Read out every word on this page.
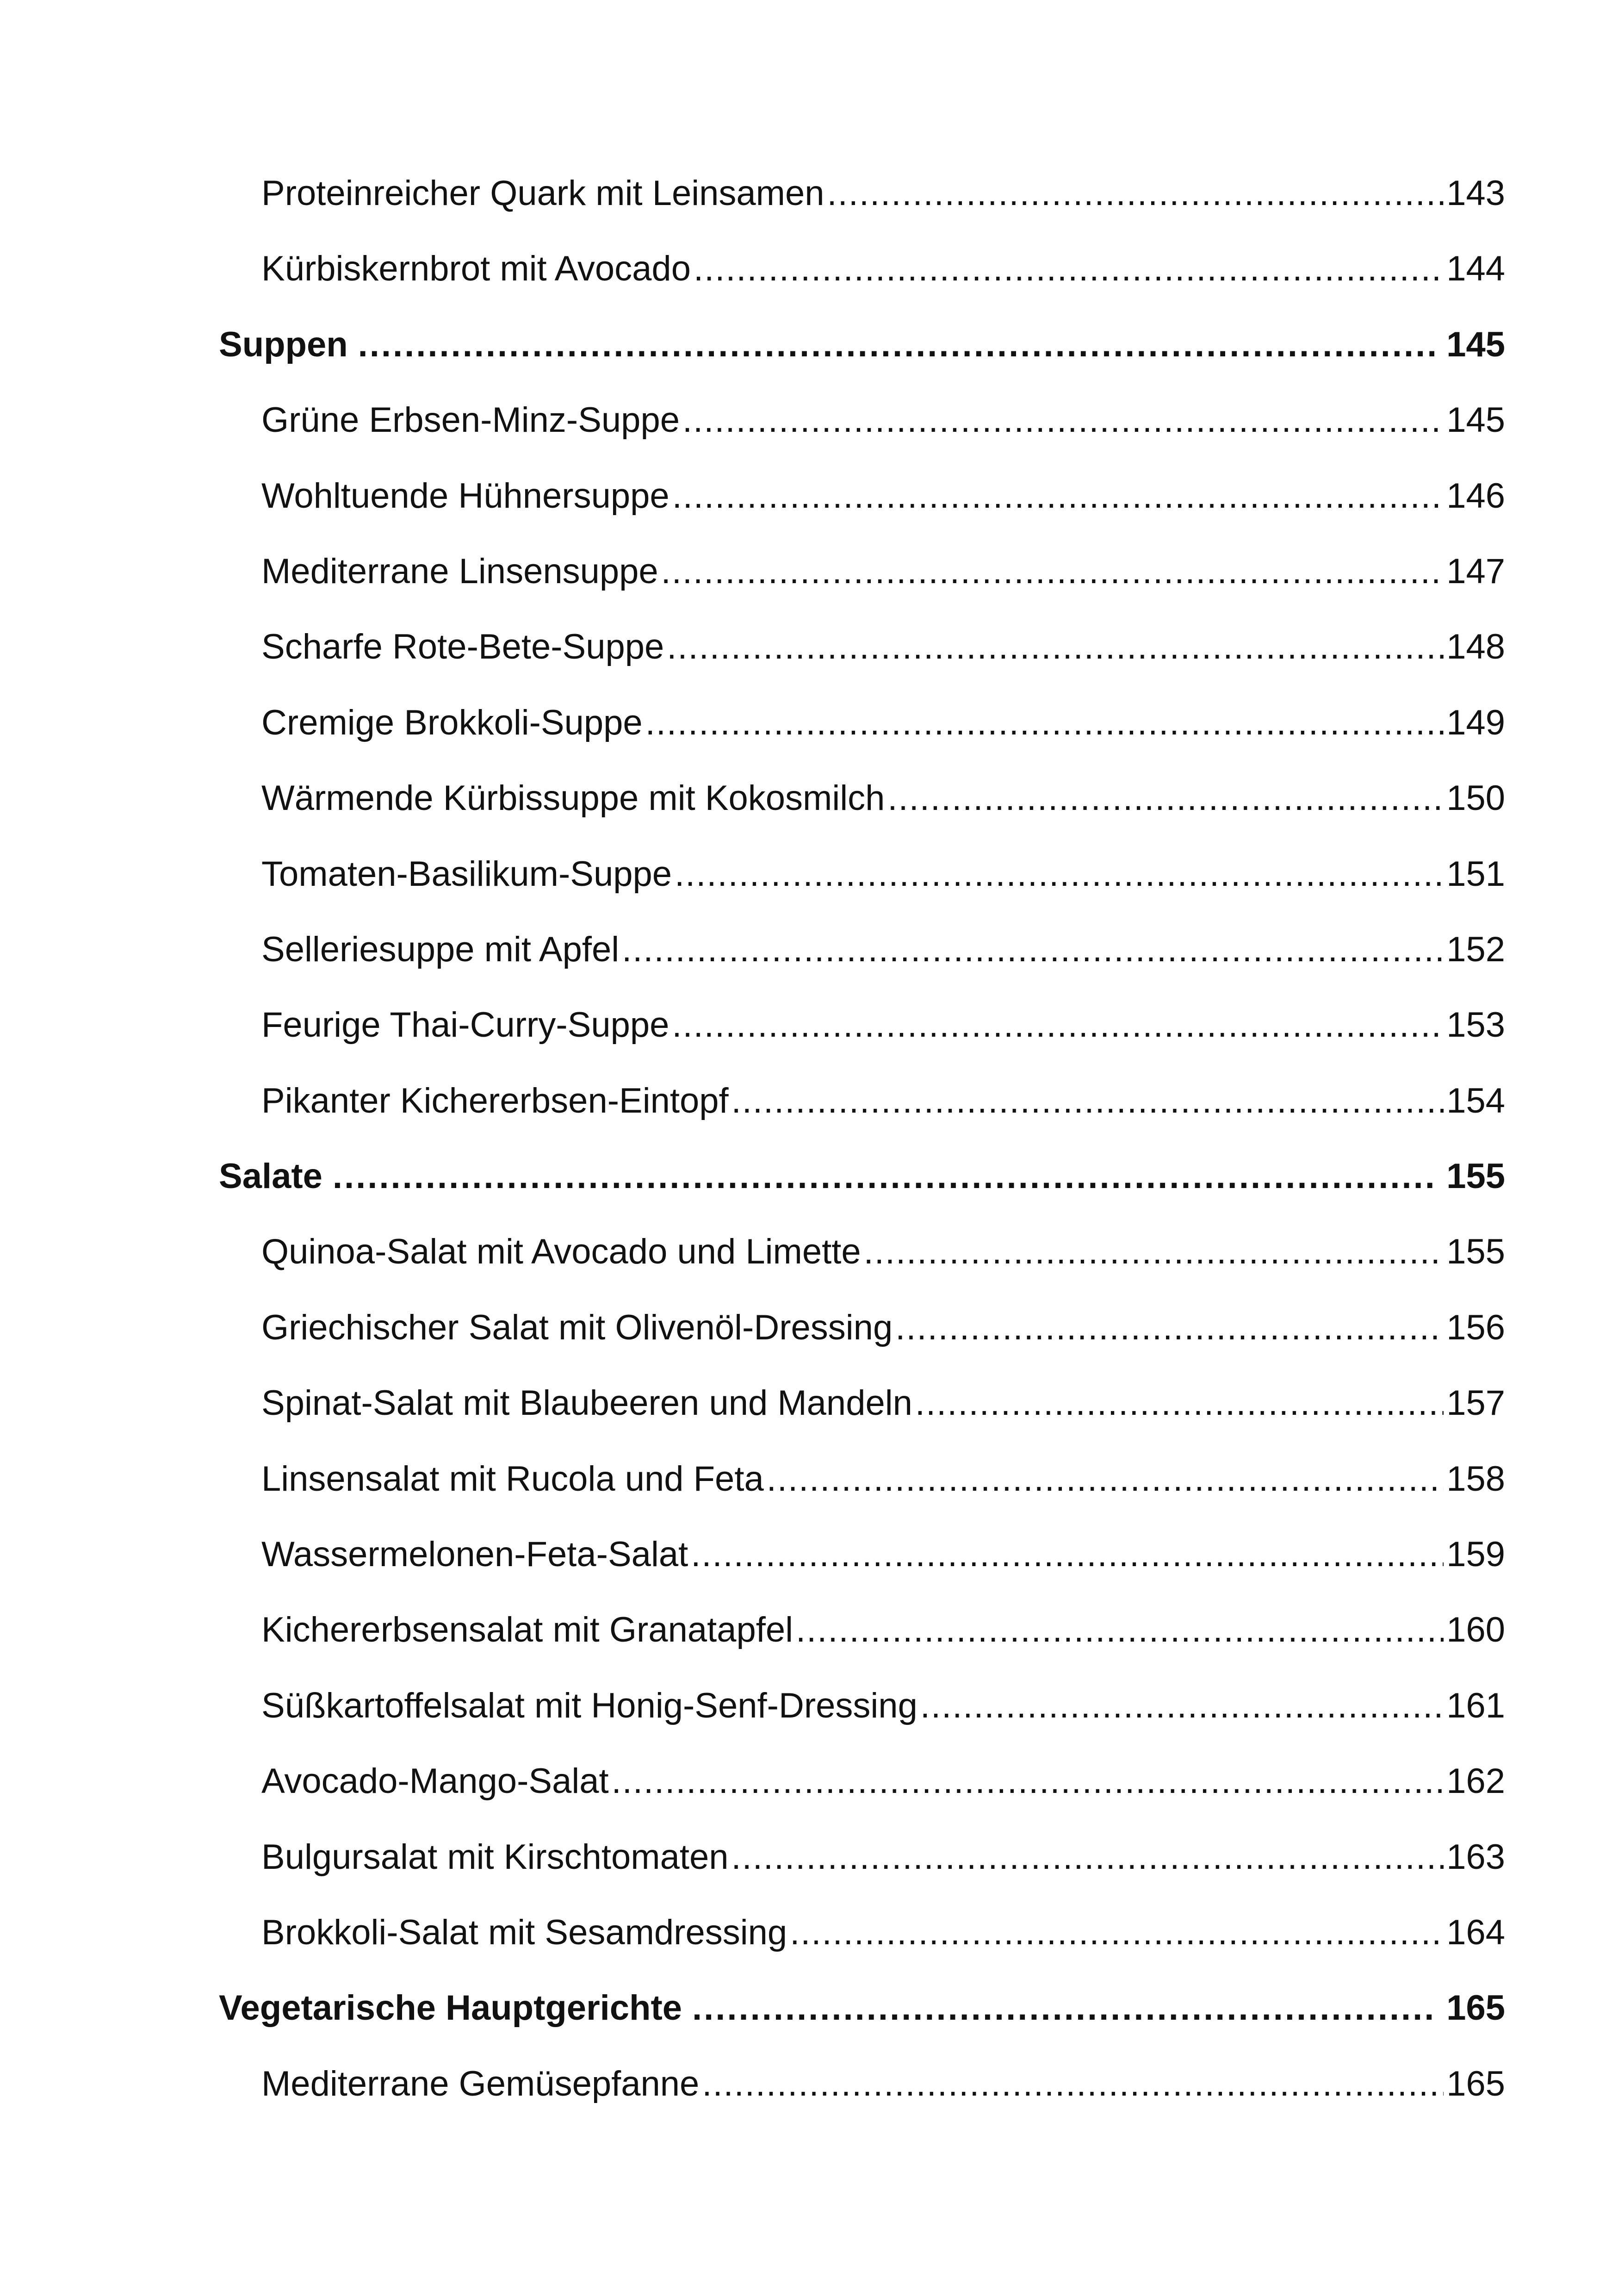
Proteinreicher Quark mit Leinsamen .....	143
Kürbiskernbrot mit Avocado .....	144
Suppen .....	145
Grüne Erbsen-Minz-Suppe .....	145
Wohltuende Hühnersuppe .....	146
Mediterrane Linsensuppe .....	147
Scharfe Rote-Bete-Suppe .....	148
Cremige Brokkoli-Suppe .....	149
Wärmende Kürbissuppe mit Kokosmilch .....	150
Tomaten-Basilikum-Suppe .....	151
Selleriesuppe mit Apfel .....	152
Feurige Thai-Curry-Suppe .....	153
Pikanter Kichererbsen-Eintopf .....	154
Salate .....	155
Quinoa-Salat mit Avocado und Limette .....	155
Griechischer Salat mit Olivenöl-Dressing .....	156
Spinat-Salat mit Blaubeeren und Mandeln .....	157
Linsensalat mit Rucola und Feta .....	158
Wassermelonen-Feta-Salat .....	159
Kichererbsensalat mit Granatapfel .....	160
Süßkartoffelsalat mit Honig-Senf-Dressing .....	161
Avocado-Mango-Salat .....	162
Bulgursalat mit Kirschtomaten .....	163
Brokkoli-Salat mit Sesamdressing .....	164
Vegetarische Hauptgerichte .....	165
Mediterrane Gemüsepfanne .....	165
